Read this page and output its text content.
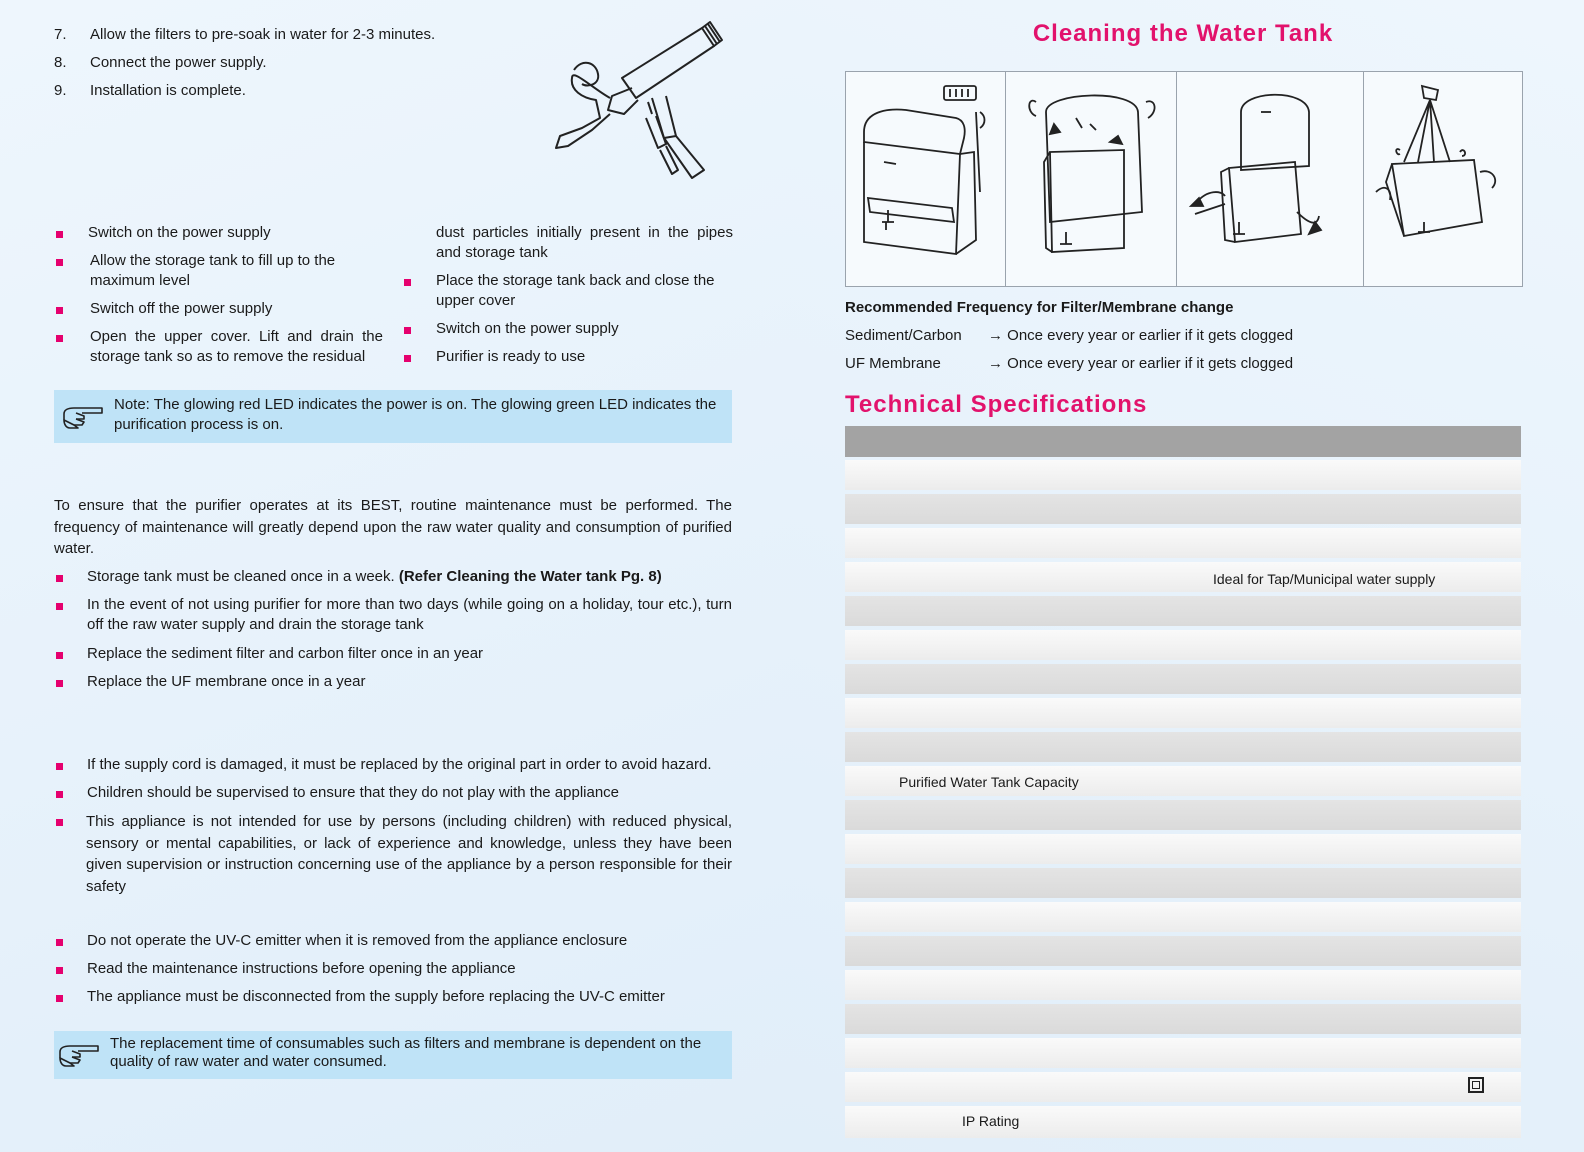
7. Allow the filters to pre-soak in water for 2-3 minutes.
8. Connect the power supply.
9. Installation is complete.
Switch on the power supply
Allow the storage tank to fill up to the maximum level
Switch off the power supply
Open the upper cover. Lift and drain the storage tank so as to remove the residual
dust particles initially present in the pipes and storage tank
Place the storage tank back and close the upper cover
Switch on the power supply
Purifier is ready to use
Note: The glowing red LED indicates the power is on. The glowing green LED indicates the purification process is on.
To ensure that the purifier operates at its BEST, routine maintenance must be performed. The frequency of maintenance will greatly depend upon the raw water quality and consumption of purified water.
Storage tank must be cleaned once in a week. (Refer Cleaning the Water tank Pg. 8)
In the event of not using purifier for more than two days (while going on a holiday, tour etc.), turn off the raw water supply and drain the storage tank
Replace the sediment filter and carbon filter once in an year
Replace the UF membrane once in a year
If the supply cord is damaged, it must be replaced by the original part in order to avoid hazard.
Children should be supervised to ensure that they do not play with the appliance
This appliance is not intended for use by persons (including children) with reduced physical, sensory or mental capabilities, or lack of experience and knowledge, unless they have been given supervision or instruction concerning use of the appliance by a person responsible for their safety
Do not operate the UV-C emitter when it is removed from the appliance enclosure
Read the maintenance instructions before opening the appliance
The appliance must be disconnected from the supply before replacing the UV-C emitter
The replacement time of consumables such as filters and membrane is dependent on the quality of raw water and water consumed.
Cleaning the Water Tank
Recommended Frequency for Filter/Membrane change
Sediment/Carbon → Once every year or earlier if it gets clogged
UF Membrane	→ Once every year or earlier if it gets clogged
Technical Specifications
Ideal for Tap/Municipal water supply
Purified Water Tank Capacity
IP Rating
